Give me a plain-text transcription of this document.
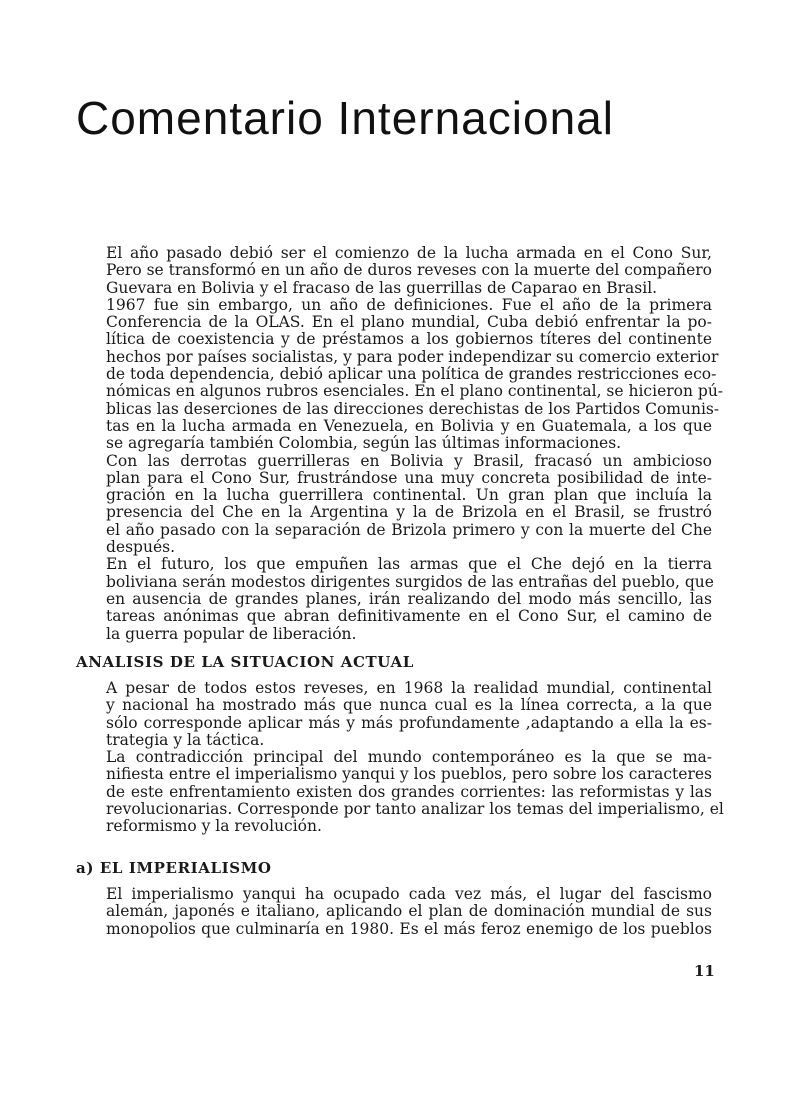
Comentario Internacional

El año pasado debió ser el comienzo de la lucha armada en el Cono Sur,
Pero se transformó en un año de duros reveses con la muerte del compañero
Guevara en Bolivia y el fracaso de las guerrillas de Caparao en Brasil.

1967 fue sin embargo, un año de definiciones. Fue el año de la primera
Conferencia de la OLAS. En el plano mundial, Cuba debió enfrentar la po-
lítica de coexistencia y de préstamos a los gobiernos títeres del continente
hechos por países socialistas, y para poder independizar su comercio exterior
de toda dependencia, debió aplicar una política de grandes restricciones eco-
nómicas en algunos rubros esenciales. En el plano continental, se hicieron pú-
blicas las deserciones de las direcciones derechistas de los Partidos Comunis-
tas en la lucha armada en Venezuela, en Bolivia y en Guatemala, a los que
se agregaría también Colombia, según las últimas informaciones.

Con las derrotas guerrilleras en Bolivia y Brasil, fracasó un ambicioso
plan para el Cono Sur, frustrándose una muy concreta posibilidad de inte-
gración en la lucha guerrillera continental. Un gran plan que incluía la
presencia del Che en la Argentina y la de Brizola en el Brasil, se frustró
el año pasado con la separación de Brizola primero y con la muerte del Che
después.

En el futuro, los que empuñen las armas que el Che dejó en la tierra
boliviana serán modestos dirigentes surgidos de las entrañas del pueblo, que
en ausencia de grandes planes, irán realizando del modo más sencillo, las
tareas anónimas que abran definitivamente en el Cono Sur, el camino de
la guerra popular de liberación.

ANALISIS DE LA SITUACION ACTUAL

A pesar de todos estos reveses, en 1968 la realidad mundial, continental
y nacional ha mostrado más que nunca cual es la línea correcta, a la que
sólo corresponde aplicar más y más profundamente ,adaptando a ella la es-
trategia y la táctica.

La contradicción principal del mundo contemporáneo es la que se ma-
nifiesta entre el imperialismo yanqui y los pueblos, pero sobre los caracteres
de este enfrentamiento existen dos grandes corrientes: las reformistas y las
revolucionarias. Corresponde por tanto analizar los temas del imperialismo, el
reformismo y la revolución.

a) EL IMPERIALISMO

El imperialismo yanqui ha ocupado cada vez más, el lugar del fascismo
alemán, japonés e italiano, aplicando el plan de dominación mundial de sus
monopolios que culminaría en 1980. Es el más feroz enemigo de los pueblos

11
